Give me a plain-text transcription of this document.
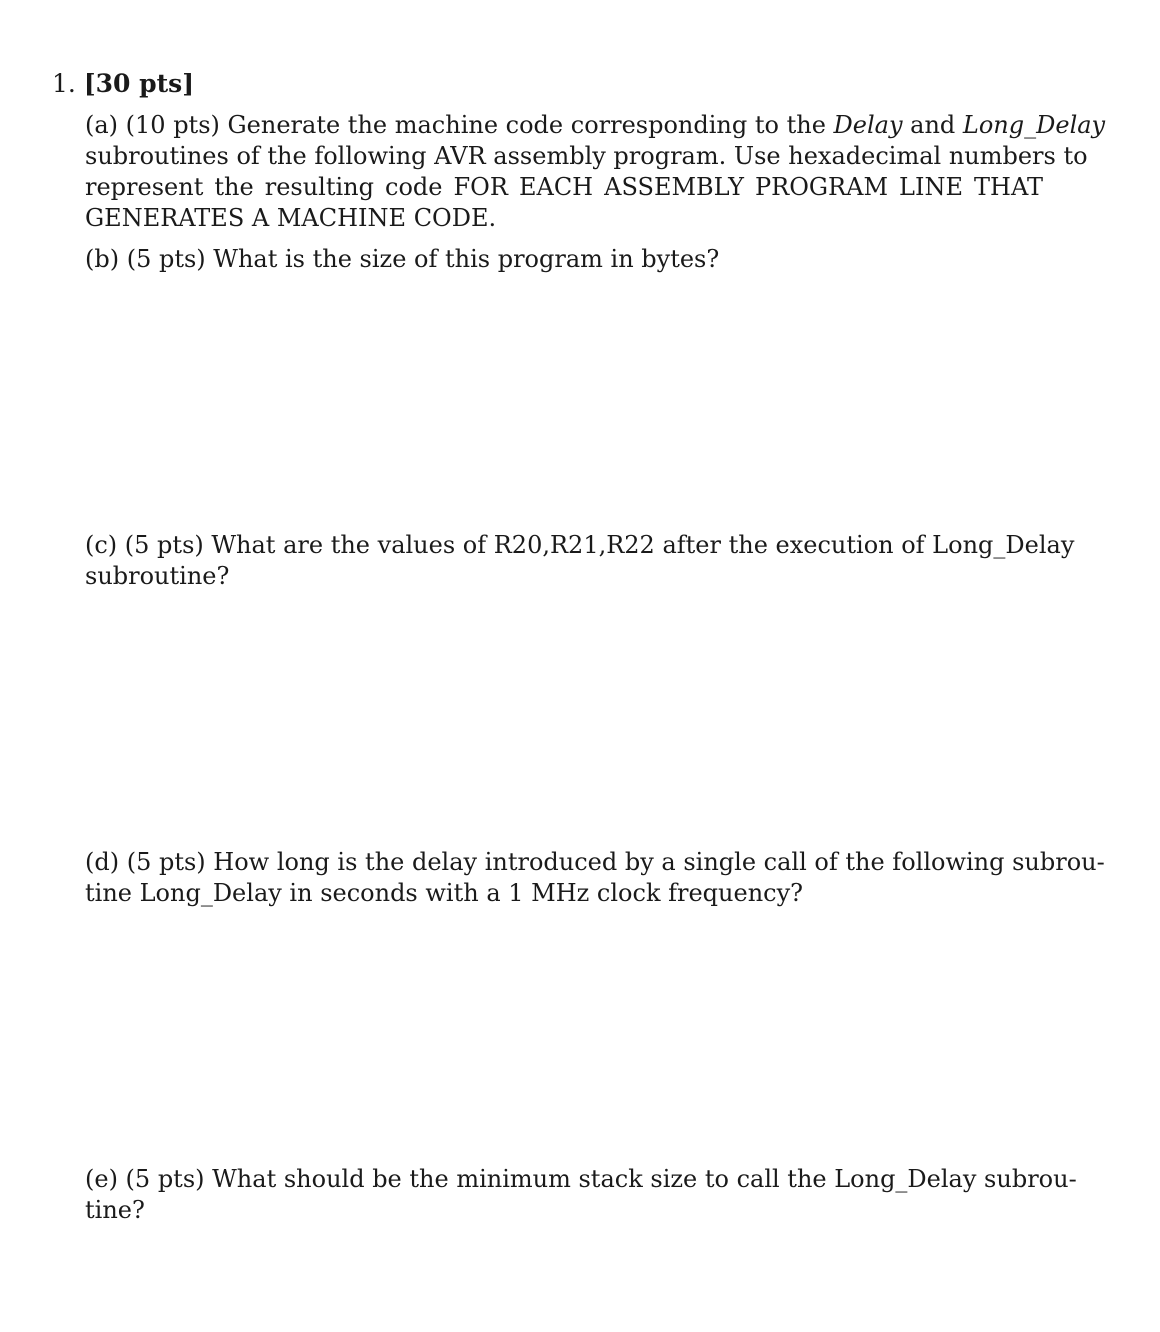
1. [30 pts]
(a) (10 pts) Generate the machine code corresponding to the Delay and Long_Delay
subroutines of the following AVR assembly program. Use hexadecimal numbers to
represent the resulting code FOR EACH ASSEMBLY PROGRAM LINE THAT
GENERATES A MACHINE CODE.
(b) (5 pts) What is the size of this program in bytes?
(c) (5 pts) What are the values of R20,R21,R22 after the execution of Long_Delay
subroutine?
(d) (5 pts) How long is the delay introduced by a single call of the following subrou-
tine Long_Delay in seconds with a 1 MHz clock frequency?
(e) (5 pts) What should be the minimum stack size to call the Long_Delay subrou-
tine?
